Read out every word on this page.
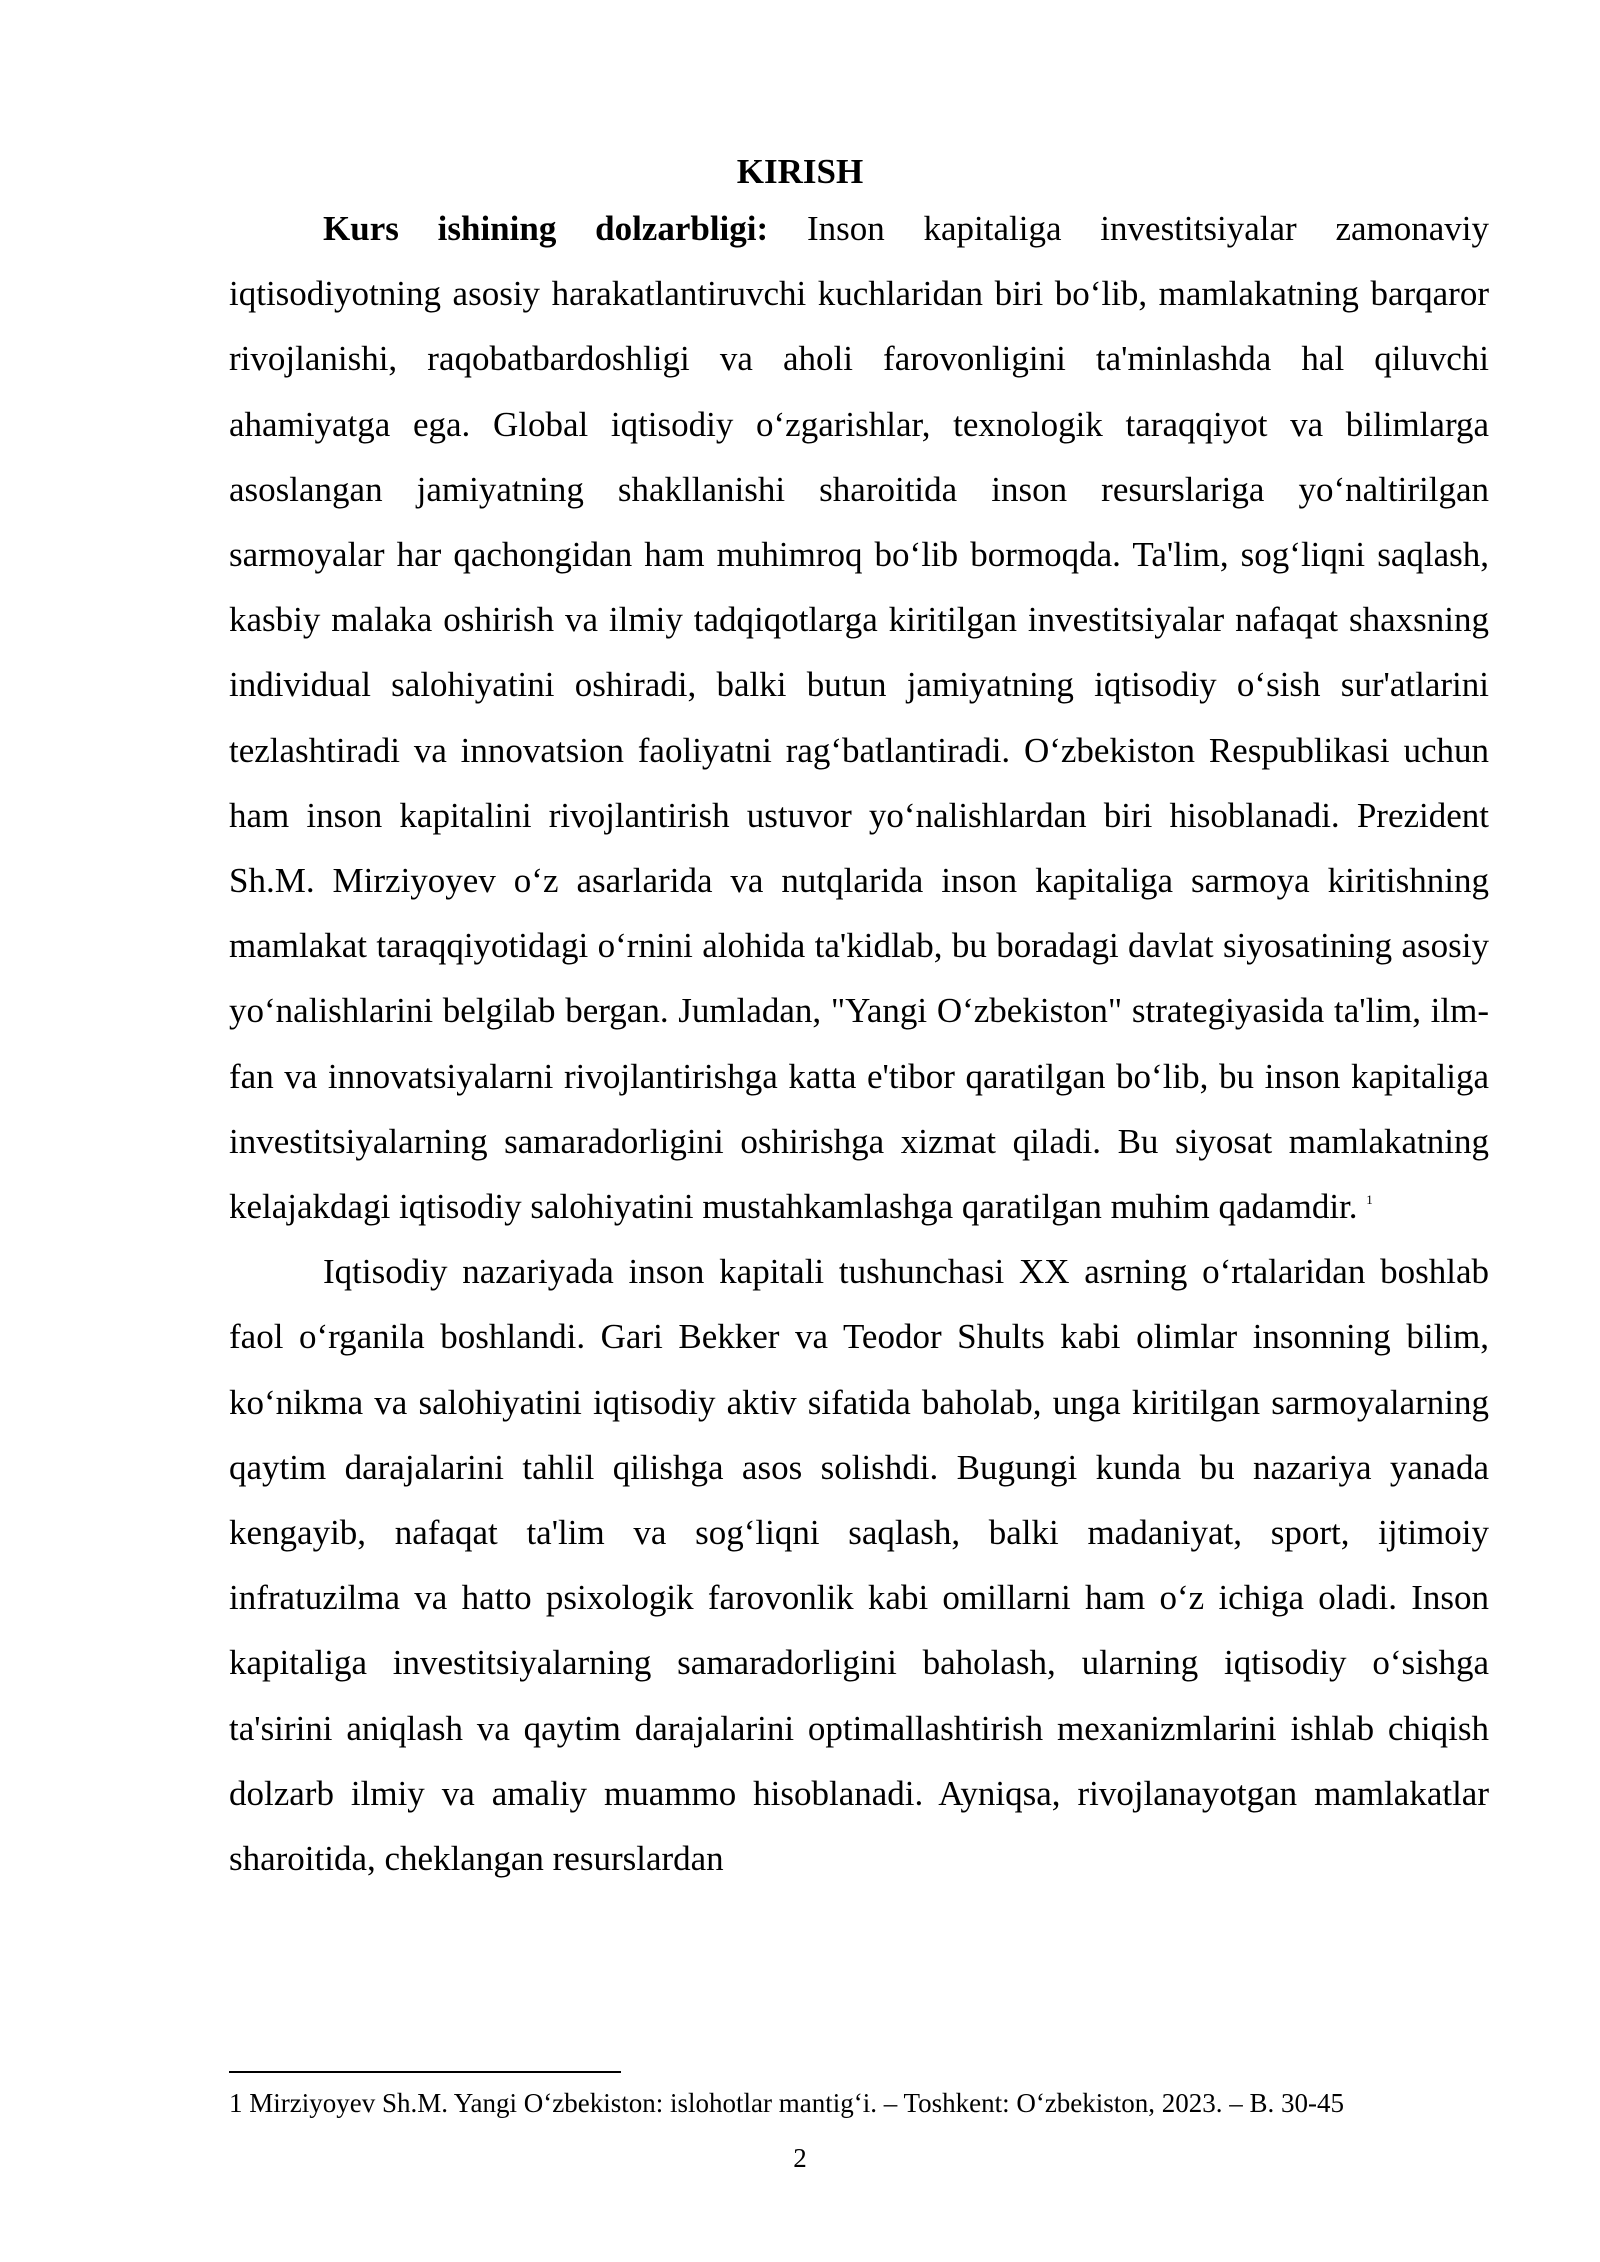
KIRISH

Kurs ishining dolzarbligi: Inson kapitaliga investitsiyalar zamonaviy iqtisodiyotning asosiy harakatlantiruvchi kuchlaridan biri bo‘lib, mamlakatning barqaror rivojlanishi, raqobatbardoshligi va aholi farovonligini ta'minlashda hal qiluvchi ahamiyatga ega. Global iqtisodiy o‘zgarishlar, texnologik taraqqiyot va bilimlarga asoslangan jamiyatning shakllanishi sharoitida inson resurslariga yo‘naltirilgan sarmoyalar har qachongidan ham muhimroq bo‘lib bormoqda. Ta'lim, sog‘liqni saqlash, kasbiy malaka oshirish va ilmiy tadqiqotlarga kiritilgan investitsiyalar nafaqat shaxsning individual salohiyatini oshiradi, balki butun jamiyatning iqtisodiy o‘sish sur'atlarini tezlashtiradi va innovatsion faoliyatni rag‘batlantiradi. O‘zbekiston Respublikasi uchun ham inson kapitalini rivojlantirish ustuvor yo‘nalishlardan biri hisoblanadi. Prezident Sh.M. Mirziyoyev o‘z asarlarida va nutqlarida inson kapitaliga sarmoya kiritishning mamlakat taraqqiyotidagi o‘rnini alohida ta'kidlab, bu boradagi davlat siyosatining asosiy yo‘nalishlarini belgilab bergan. Jumladan, "Yangi O‘zbekiston" strategiyasida ta'lim, ilm-fan va innovatsiyalarni rivojlantirishga katta e'tibor qaratilgan bo‘lib, bu inson kapitaliga investitsiyalarning samaradorligini oshirishga xizmat qiladi. Bu siyosat mamlakatning kelajakdagi iqtisodiy salohiyatini mustahkamlashga qaratilgan muhim qadamdir. $^1$

Iqtisodiy nazariyada inson kapitali tushunchasi XX asrning o‘rtalaridan boshlab faol o‘rganila boshlandi. Gari Bekker va Teodor Shults kabi olimlar insonning bilim, ko‘nikma va salohiyatini iqtisodiy aktiv sifatida baholab, unga kiritilgan sarmoyalarning qaytim darajalarini tahlil qilishga asos solishdi. Bugungi kunda bu nazariya yanada kengayib, nafaqat ta'lim va sog‘liqni saqlash, balki madaniyat, sport, ijtimoiy infratuzilma va hatto psixologik farovonlik kabi omillarni ham o‘z ichiga oladi. Inson kapitaliga investitsiyalarning samaradorligini baholash, ularning iqtisodiy o‘sishga ta'sirini aniqlash va qaytim darajalarini optimallashtirish mexanizmlarini ishlab chiqish dolzarb ilmiy va amaliy muammo hisoblanadi. Ayniqsa, rivojlanayotgan mamlakatlar sharoitida, cheklangan resurslardan

1 Mirziyoyev Sh.M. Yangi O‘zbekiston: islohotlar mantig‘i. – Toshkent: O‘zbekiston, 2023. – B. 30-45

2
